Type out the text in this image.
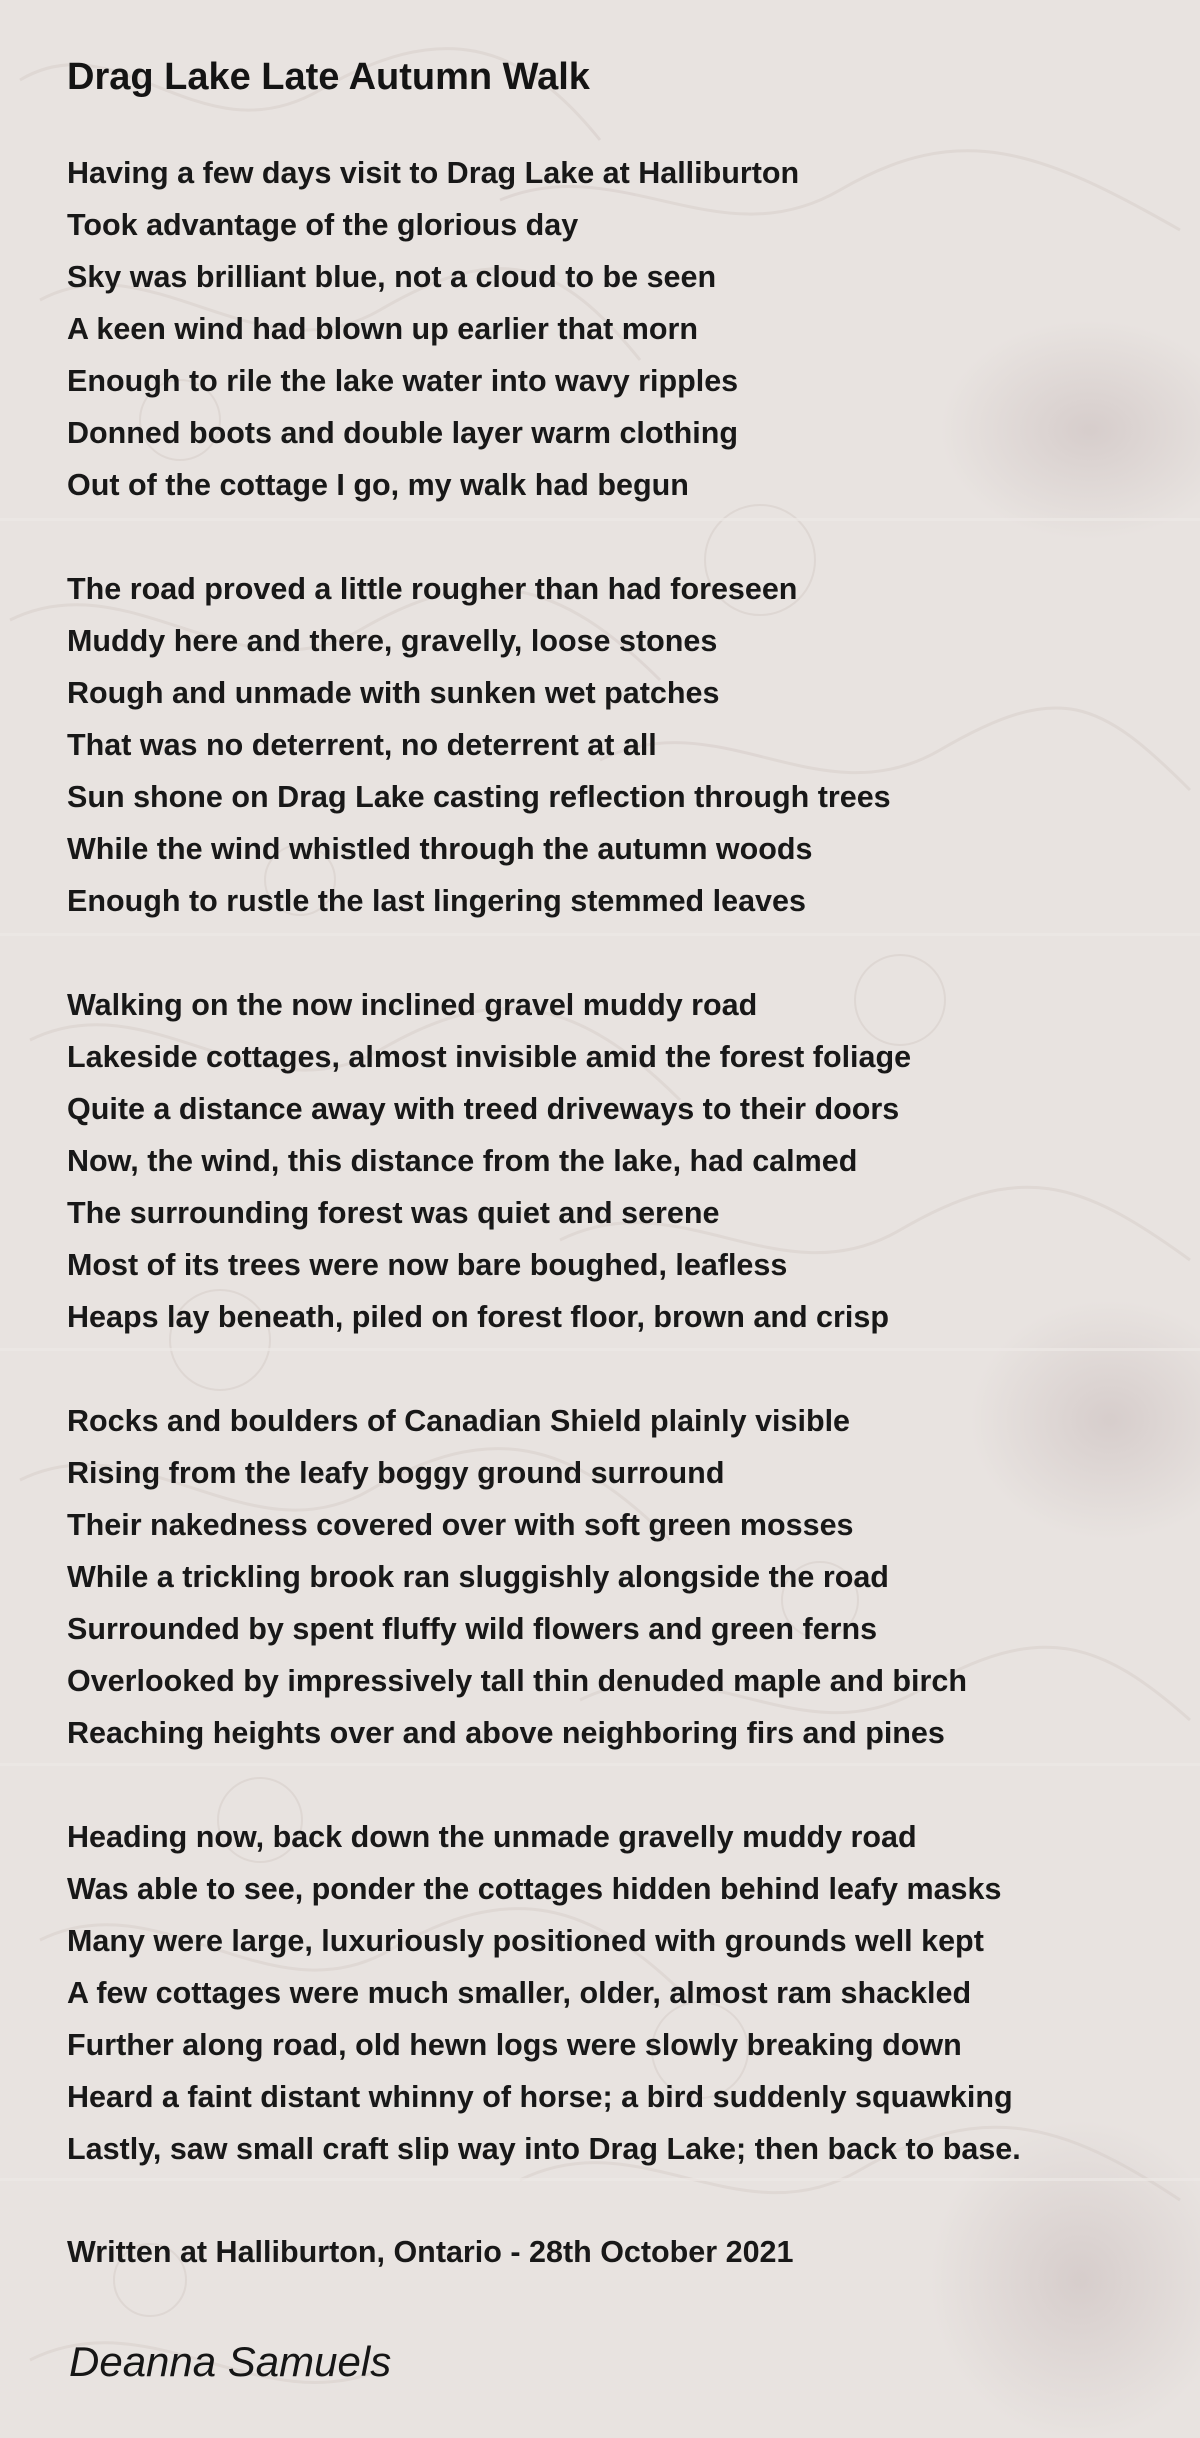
Drag Lake Late Autumn Walk
Having a few days visit to Drag Lake at Halliburton
Took advantage of the glorious day
Sky was brilliant blue, not a cloud to be seen
A keen wind had blown up earlier that morn
Enough to rile the lake water into wavy ripples
Donned boots and double layer warm clothing
Out of the cottage I go, my walk had begun
The road proved a little rougher than had foreseen
Muddy here and there, gravelly, loose stones
Rough and unmade with sunken wet patches
That was no deterrent, no deterrent at all
Sun shone on Drag Lake casting reflection through trees
While the wind whistled through the autumn woods
Enough to rustle the last lingering stemmed leaves
Walking on the now inclined gravel muddy road
Lakeside cottages, almost invisible amid the forest foliage
Quite a distance away with treed driveways to their doors
Now, the wind, this distance from the lake, had calmed
The surrounding forest was quiet and serene
Most of its trees were now bare boughed, leafless
Heaps lay beneath, piled on forest floor, brown and crisp
Rocks and boulders of Canadian Shield plainly visible
Rising from the leafy boggy ground surround
Their nakedness covered over with soft green mosses
While a trickling brook ran sluggishly alongside the road
Surrounded by spent fluffy wild flowers and green ferns
Overlooked by impressively tall thin denuded maple and birch
Reaching heights over and above neighboring firs and pines
Heading now, back down the unmade gravelly muddy road
Was able to see, ponder the cottages hidden behind leafy masks
Many were large, luxuriously positioned with grounds well kept
A few cottages were much smaller, older, almost ram shackled
Further along road, old hewn logs were slowly breaking down
Heard a faint distant whinny of horse; a bird suddenly squawking
Lastly, saw small craft slip way into Drag Lake; then back to base.
Written at Halliburton, Ontario - 28th October 2021
Deanna Samuels
